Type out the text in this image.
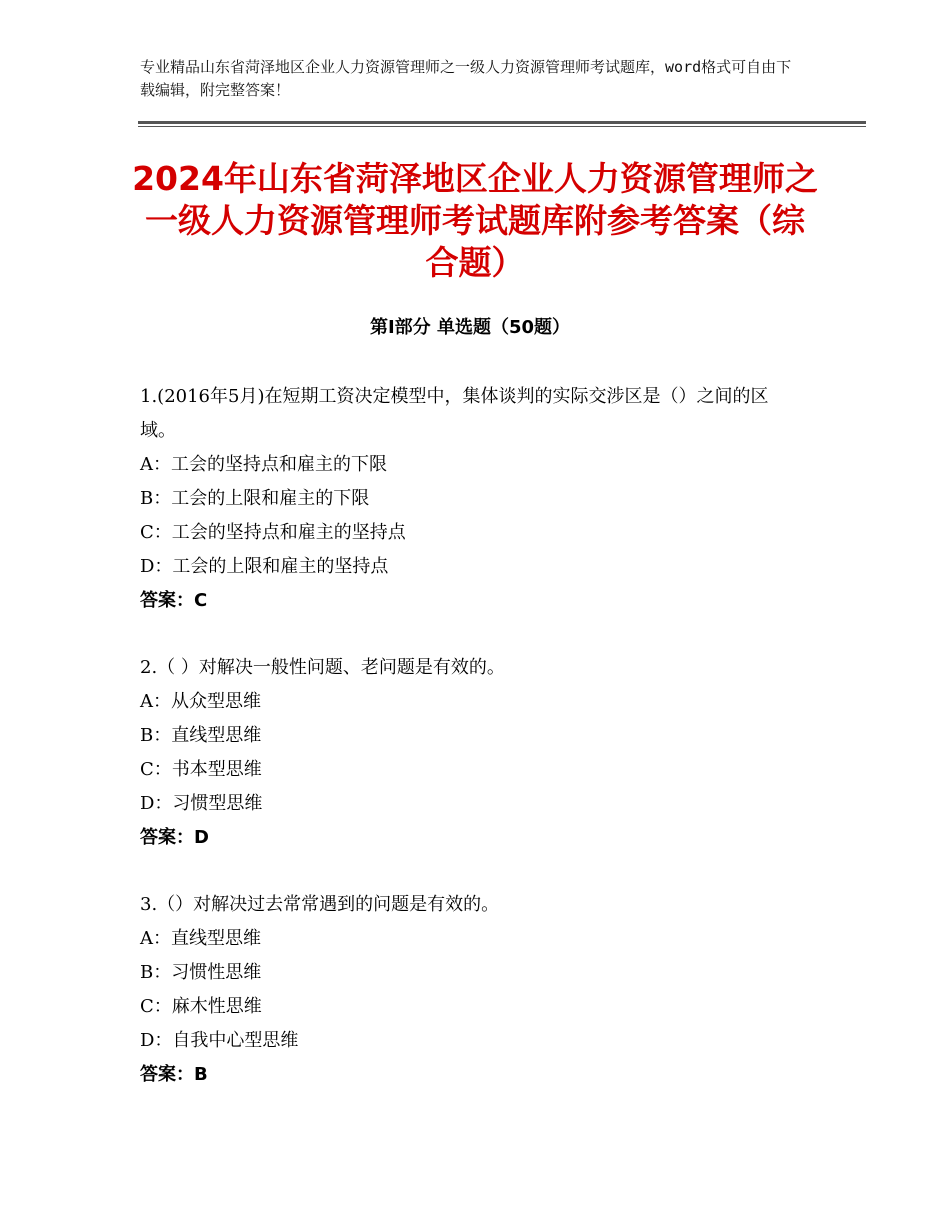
专业精品山东省菏泽地区企业人力资源管理师之一级人力资源管理师考试题库，word格式可自由下载编辑，附完整答案！
2024年山东省菏泽地区企业人力资源管理师之一级人力资源管理师考试题库附参考答案（综合题）
第Ⅰ部分 单选题（50题）

1.(2016年5月)在短期工资决定模型中，集体谈判的实际交涉区是（）之间的区域。

A：工会的坚持点和雇主的下限

B：工会的上限和雇主的下限

C：工会的坚持点和雇主的坚持点

D：工会的上限和雇主的坚持点

答案：C

2.（ ）对解决一般性问题、老问题是有效的。

A：从众型思维

B：直线型思维

C：书本型思维

D：习惯型思维

答案：D

3.（）对解决过去常常遇到的问题是有效的。

A：直线型思维

B：习惯性思维

C：麻木性思维

D：自我中心型思维

答案：B
